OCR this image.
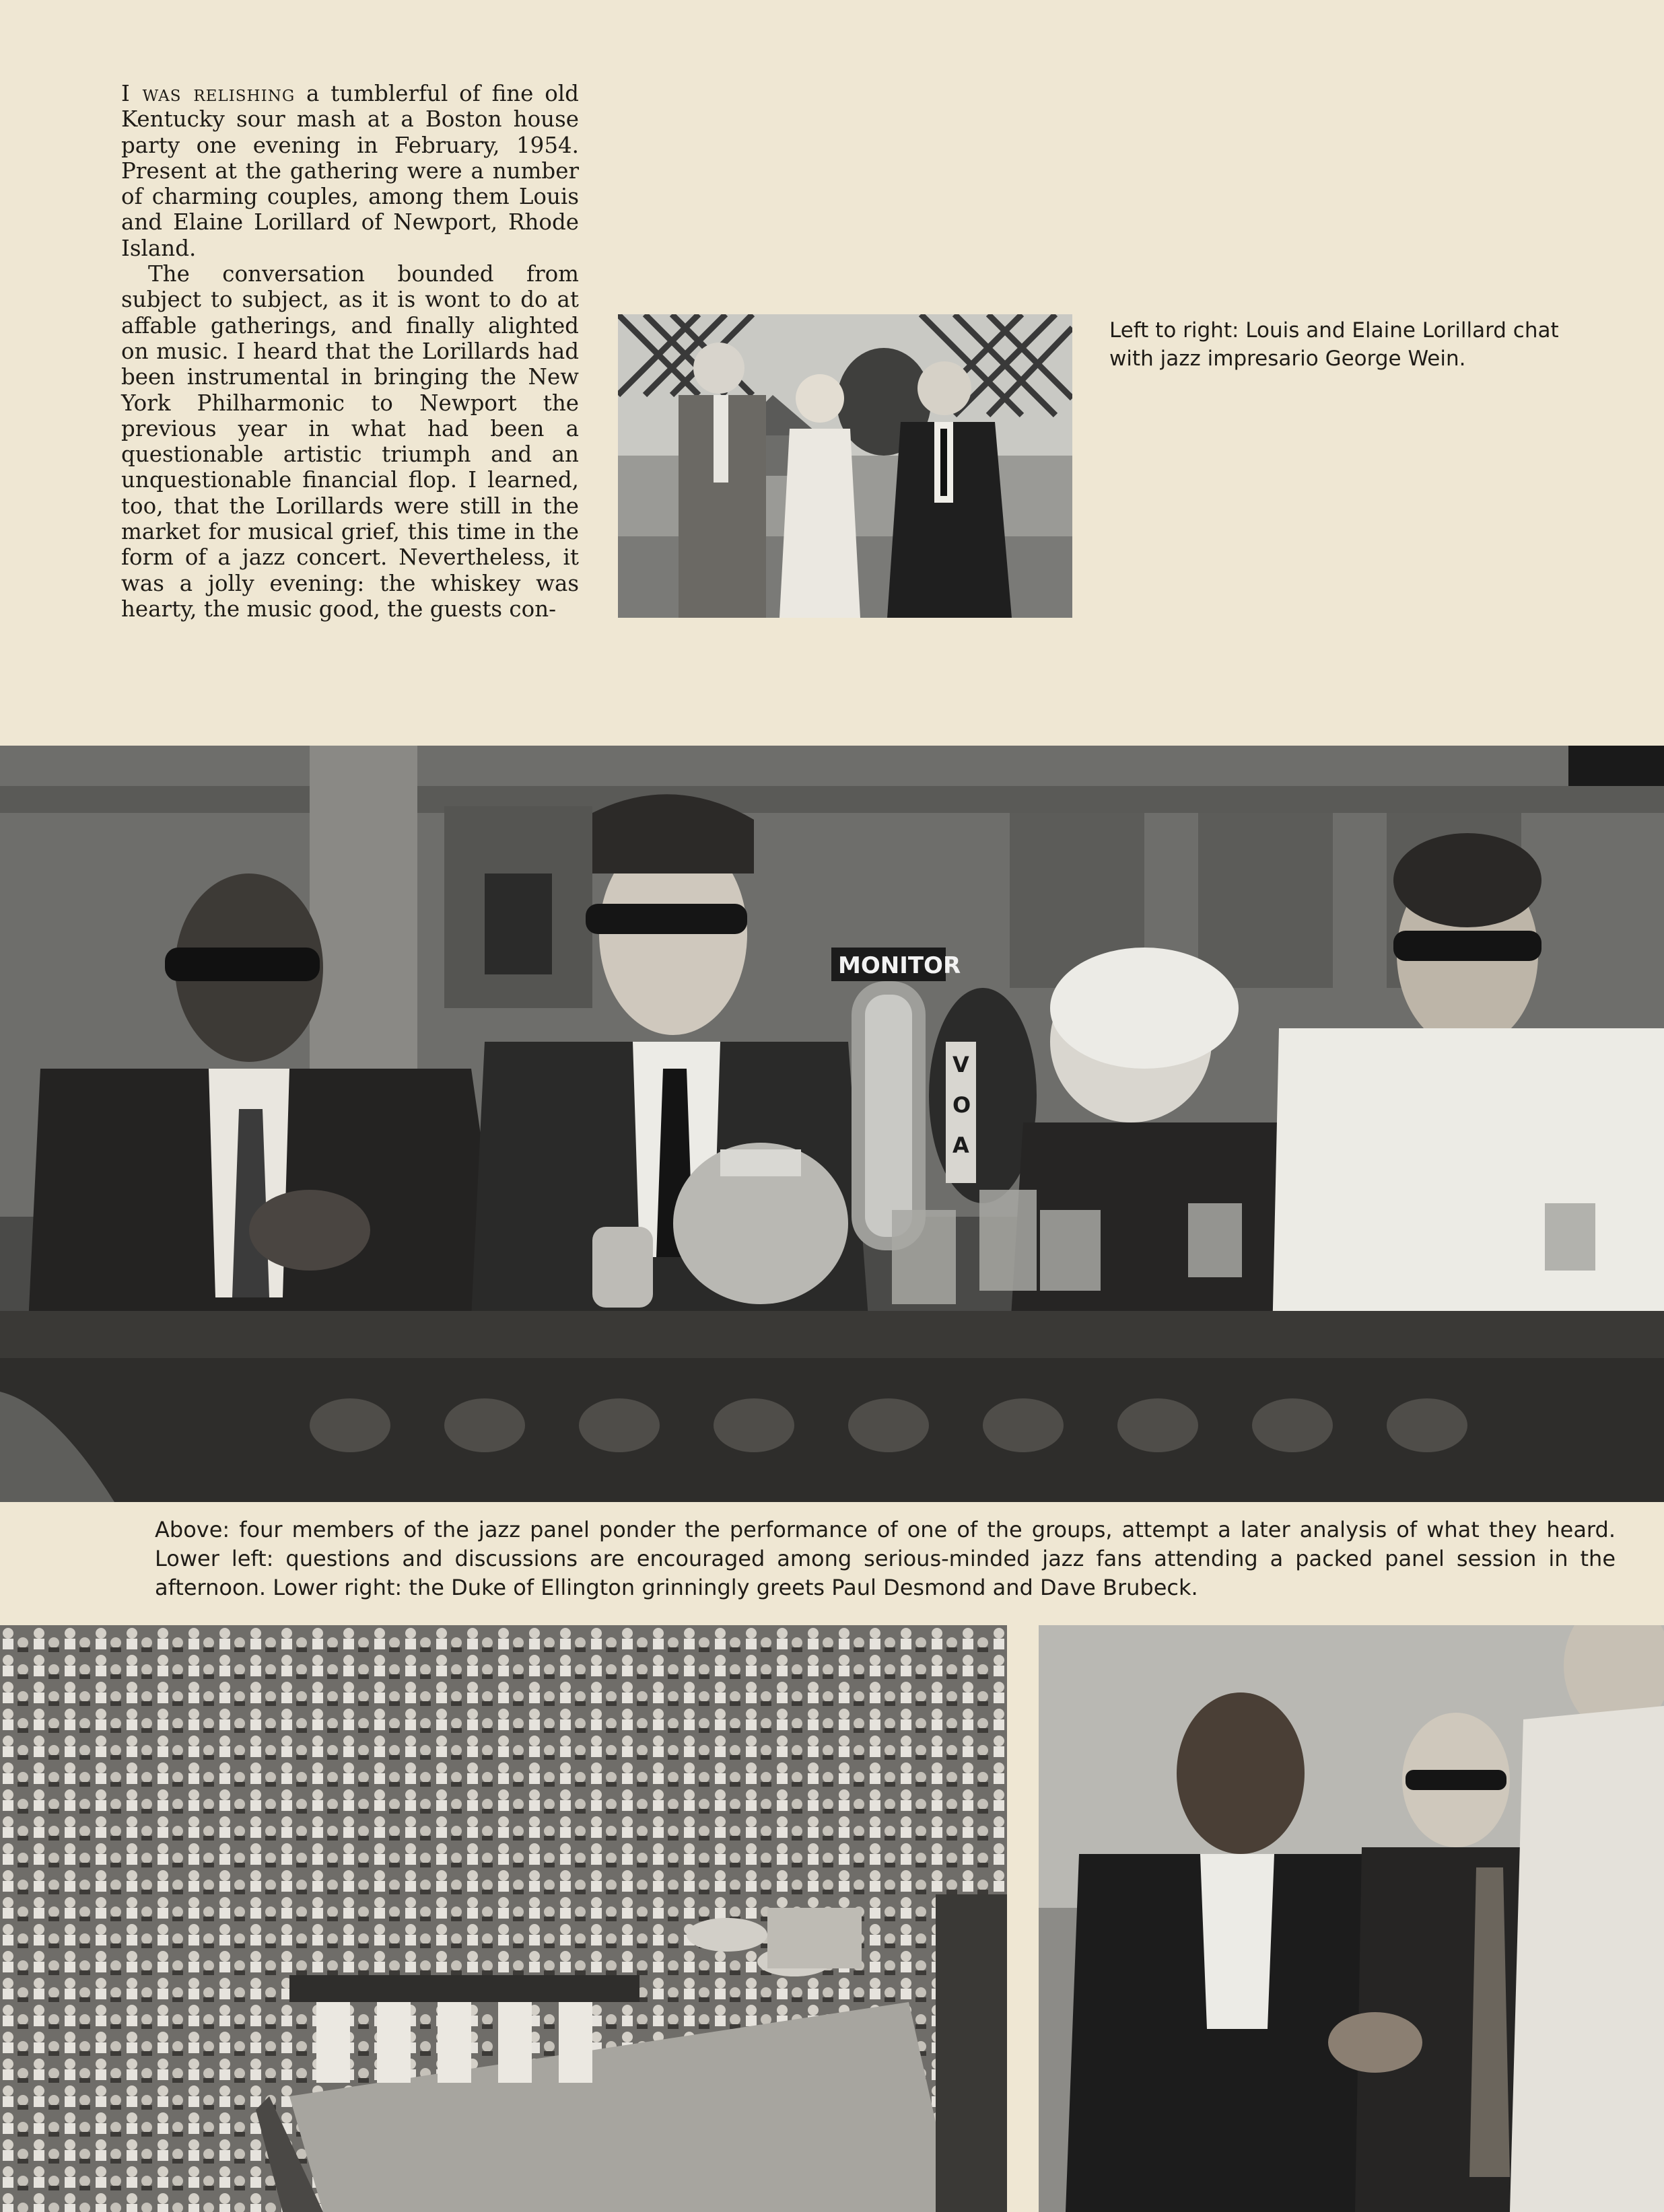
I was relishing a tumblerful of fine old Kentucky sour mash at a Boston house party one evening in February, 1954. Present at the gathering were a number of charming couples, among them Louis and Elaine Lorillard of Newport, Rhode Island.

The conversation bounded from subject to subject, as it is wont to do at affable gatherings, and finally alighted on music. I heard that the Lorillards had been instrumental in bringing the New York Philharmonic to Newport the previous year in what had been a questionable artistic triumph and an unquestionable financial flop. I learned, too, that the Lorillards were still in the market for musical grief, this time in the form of a jazz concert. Nevertheless, it was a jolly evening: the whiskey was hearty, the music good, the guests con-

Left to right: Louis and Elaine Lorillard chat with jazz impresario George Wein.
MONITOR
V
O
A
Above: four members of the jazz panel ponder the performance of one of the groups, attempt a later analysis of what they heard. Lower left: questions and discussions are encouraged among serious-minded jazz fans attending a packed panel session in the afternoon. Lower right: the Duke of Ellington grinningly greets Paul Desmond and Dave Brubeck.
